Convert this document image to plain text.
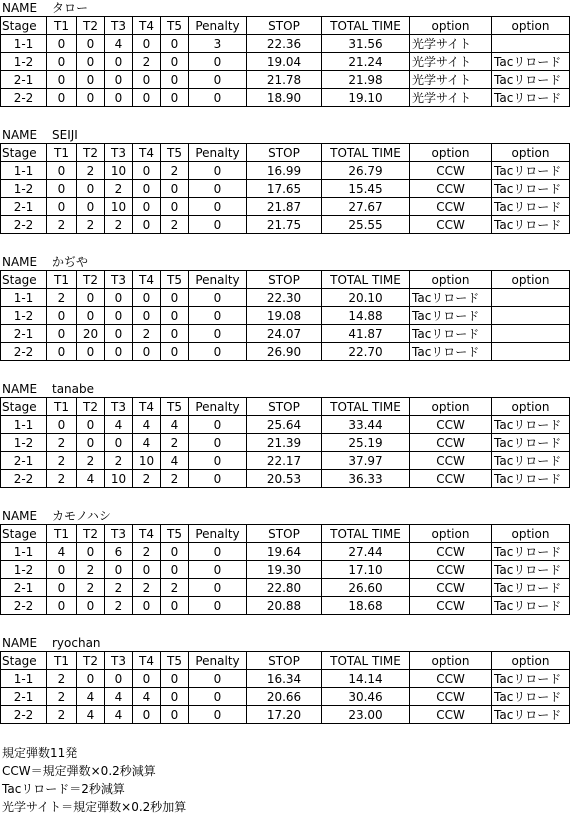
NAME タロー
Stage	T1	T2	T3	T4	T5	Penalty	STOP	TOTAL TIME	option	option
1-1	0	0	4	0	0	3	22.36	31.56	光学サイト	
1-2	0	0	0	2	0	0	19.04	21.24	光学サイト	Tacリロード
2-1	0	0	0	0	0	0	21.78	21.98	光学サイト	Tacリロード
2-2	0	0	0	0	0	0	18.90	19.10	光学サイト	Tacリロード
NAME SEIJI
Stage	T1	T2	T3	T4	T5	Penalty	STOP	TOTAL TIME	option	option
1-1	0	2	10	0	2	0	16.99	26.79	CCW	Tacリロード
1-2	0	0	2	0	0	0	17.65	15.45	CCW	Tacリロード
2-1	0	0	10	0	0	0	21.87	27.67	CCW	Tacリロード
2-2	2	2	2	0	2	0	21.75	25.55	CCW	Tacリロード
NAME かぢや
Stage	T1	T2	T3	T4	T5	Penalty	STOP	TOTAL TIME	option	option
1-1	2	0	0	0	0	0	22.30	20.10	Tacリロード	
1-2	0	0	0	0	0	0	19.08	14.88	Tacリロード	
2-1	0	20	0	2	0	0	24.07	41.87	Tacリロード	
2-2	0	0	0	0	0	0	26.90	22.70	Tacリロード	
NAME tanabe
Stage	T1	T2	T3	T4	T5	Penalty	STOP	TOTAL TIME	option	option
1-1	0	0	4	4	4	0	25.64	33.44	CCW	Tacリロード
1-2	2	0	0	4	2	0	21.39	25.19	CCW	Tacリロード
2-1	2	2	2	10	4	0	22.17	37.97	CCW	Tacリロード
2-2	2	4	10	2	2	0	20.53	36.33	CCW	Tacリロード
NAME カモノハシ
Stage	T1	T2	T3	T4	T5	Penalty	STOP	TOTAL TIME	option	option
1-1	4	0	6	2	0	0	19.64	27.44	CCW	Tacリロード
1-2	0	2	0	0	0	0	19.30	17.10	CCW	Tacリロード
2-1	0	2	2	2	2	0	22.80	26.60	CCW	Tacリロード
2-2	0	0	2	0	0	0	20.88	18.68	CCW	Tacリロード
NAME ryochan
Stage	T1	T2	T3	T4	T5	Penalty	STOP	TOTAL TIME	option	option
1-1	2	0	0	0	0	0	16.34	14.14	CCW	Tacリロード
2-1	2	4	4	4	0	0	20.66	30.46	CCW	Tacリロード
2-2	2	4	4	0	0	0	17.20	23.00	CCW	Tacリロード
規定弾数11発
CCW＝規定弾数×0.2秒減算
Tacリロード＝2秒減算
光学サイト＝規定弾数×0.2秒加算
